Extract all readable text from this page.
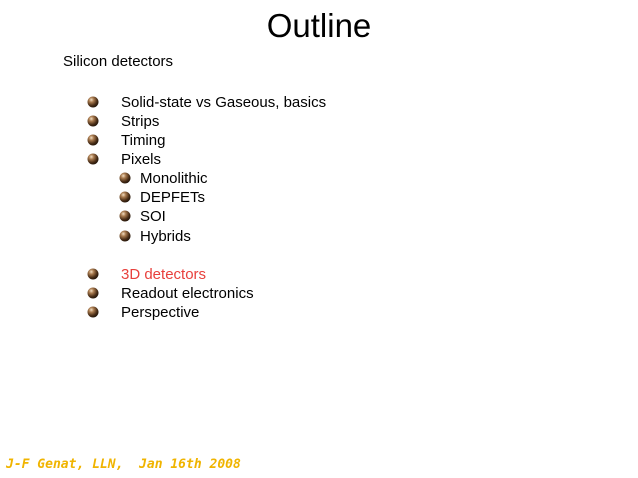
Outline
Silicon detectors
Solid-state vs Gaseous, basics
Strips
Timing
Pixels
Monolithic
DEPFETs
SOI
Hybrids
3D detectors
Readout electronics
Perspective
J-F Genat, LLN,  Jan 16th 2008
